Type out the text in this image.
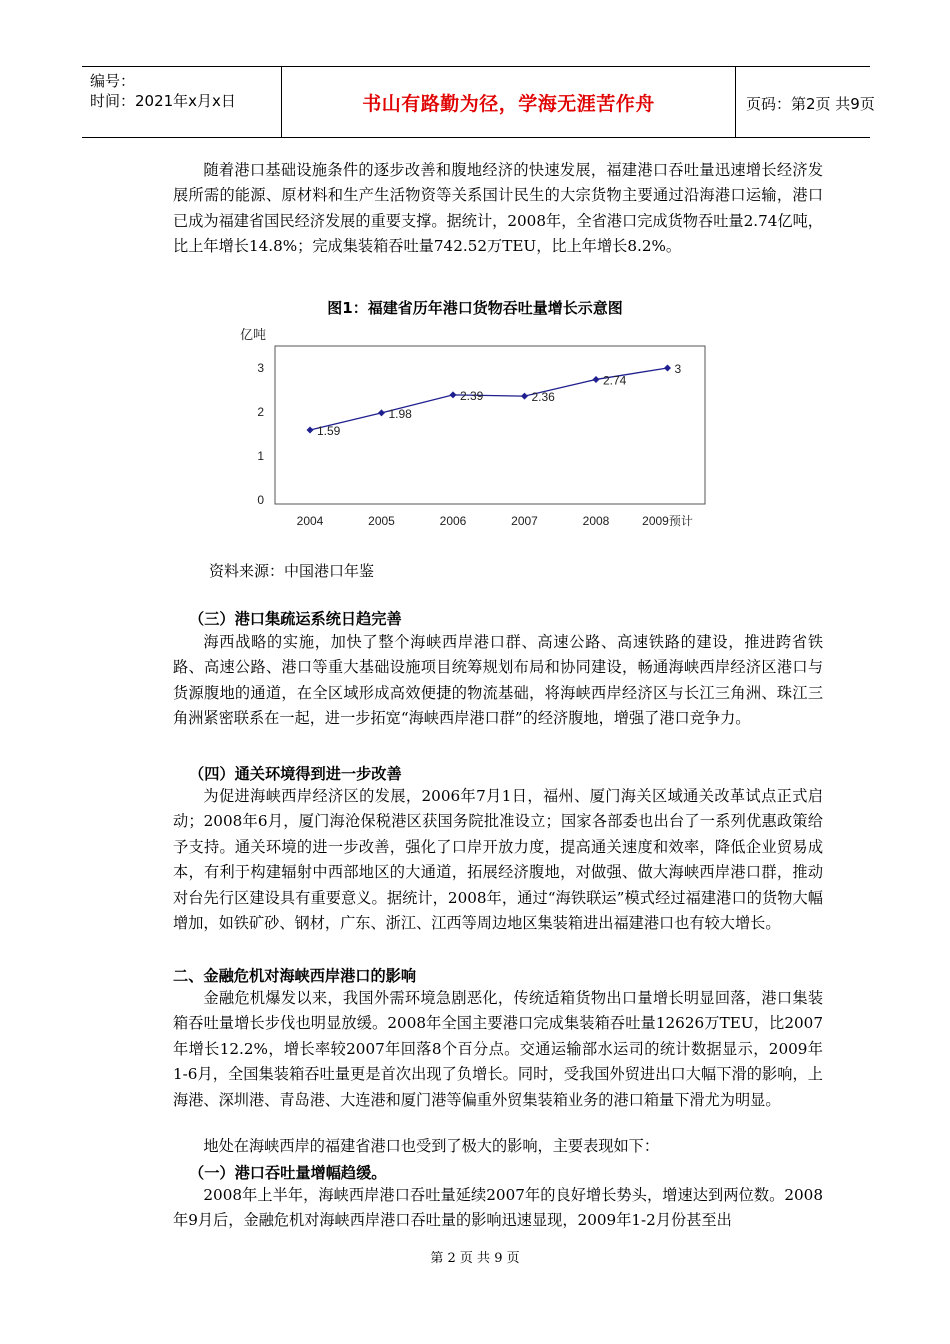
编号：
时间：2021年x月x日	书山有路勤为径，学海无涯苦作舟	页码：第2页 共9页

随着港口基础设施条件的逐步改善和腹地经济的快速发展，福建港口吞吐量迅速增长经济发展所需的能源、原材料和生产生活物资等关系国计民生的大宗货物主要通过沿海港口运输，港口已成为福建省国民经济发展的重要支撑。据统计，2008年，全省港口完成货物吞吐量2.74亿吨，比上年增长14.8%；完成集装箱吞吐量742.52万TEU，比上年增长8.2%。

图1：福建省历年港口货物吞吐量增长示意图

亿吨
0
1
2
3
2004	2005	2006	2007	2008	2009预计
1.59
1.98
2.39	2.36
2.74
3

资料来源：中国港口年鉴

（三）港口集疏运系统日趋完善

海西战略的实施，加快了整个海峡西岸港口群、高速公路、高速铁路的建设，推进跨省铁路、高速公路、港口等重大基础设施项目统筹规划布局和协同建设，畅通海峡西岸经济区港口与货源腹地的通道，在全区域形成高效便捷的物流基础，将海峡西岸经济区与长江三角洲、珠江三角洲紧密联系在一起，进一步拓宽“海峡西岸港口群”的经济腹地，增强了港口竞争力。

（四）通关环境得到进一步改善

为促进海峡西岸经济区的发展，2006年7月1日，福州、厦门海关区域通关改革试点正式启动；2008年6月，厦门海沧保税港区获国务院批准设立；国家各部委也出台了一系列优惠政策给予支持。通关环境的进一步改善，强化了口岸开放力度，提高通关速度和效率，降低企业贸易成本，有利于构建辐射中西部地区的大通道，拓展经济腹地，对做强、做大海峡西岸港口群，推动对台先行区建设具有重要意义。据统计，2008年，通过“海铁联运”模式经过福建港口的货物大幅增加，如铁矿砂、钢材，广东、浙江、江西等周边地区集装箱进出福建港口也有较大增长。

二、金融危机对海峡西岸港口的影响

金融危机爆发以来，我国外需环境急剧恶化，传统适箱货物出口量增长明显回落，港口集装箱吞吐量增长步伐也明显放缓。2008年全国主要港口完成集装箱吞吐量12626万TEU，比2007年增长12.2%，增长率较2007年回落8个百分点。交通运输部水运司的统计数据显示，2009年1-6月，全国集装箱吞吐量更是首次出现了负增长。同时，受我国外贸进出口大幅下滑的影响，上海港、深圳港、青岛港、大连港和厦门港等偏重外贸集装箱业务的港口箱量下滑尤为明显。

地处在海峡西岸的福建省港口也受到了极大的影响，主要表现如下：

（一）港口吞吐量增幅趋缓。

2008年上半年，海峡西岸港口吞吐量延续2007年的良好增长势头，增速达到两位数。2008年9月后，金融危机对海峡西岸港口吞吐量的影响迅速显现，2009年1-2月份甚至出

第 2 页 共 9 页
